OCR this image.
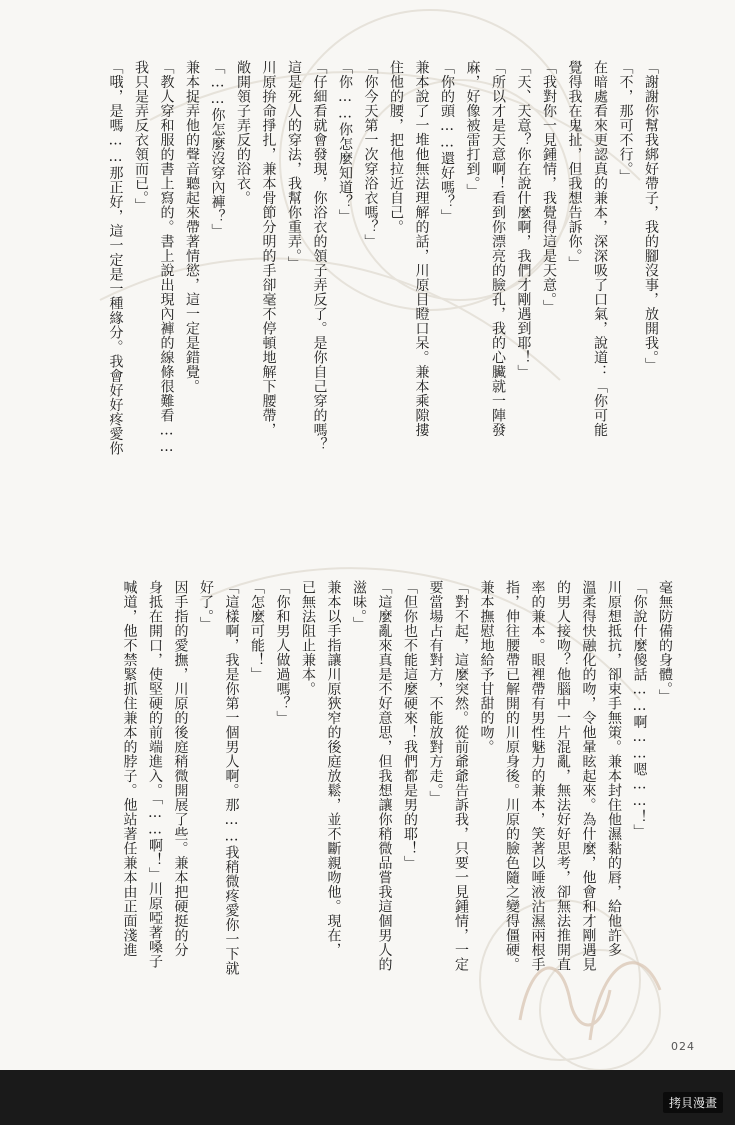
「謝謝你幫我綁好帶子，我的腳沒事，放開我。」
「不，那可不行。」
在暗處看來更認真的兼本，深深吸了口氣，說道：「你可能
覺得我在鬼扯，但我想告訴你。」
「我對你一見鍾情，我覺得這是天意。」
「天、天意？你在說什麼啊，我們才剛遇到耶！」
「所以才是天意啊！看到你漂亮的臉孔，我的心臟就一陣發
麻，好像被雷打到。」
「你的頭……還好嗎？」
兼本說了一堆他無法理解的話，川原目瞪口呆。兼本乘隙摟
住他的腰，把他拉近自己。
「你今天第一次穿浴衣嗎？」
「你……你怎麼知道？」
「仔細看就會發現，你浴衣的領子弄反了。是你自己穿的嗎？
這是死人的穿法，我幫你重弄。」
川原拚命掙扎，兼本骨節分明的手卻毫不停頓地解下腰帶，
敞開領子弄反的浴衣。
「……你怎麼沒穿內褲？」
兼本捉弄他的聲音聽起來帶著情慾，這一定是錯覺。
「教人穿和服的書上寫的。書上說出現內褲的線條很難看……
我只是弄反衣領而已。」
「哦，是嗎……那正好，這一定是一種緣分。我會好好疼愛你
毫無防備的身體。」
「你說什麼傻話……啊……嗯……！」
川原想抵抗，卻束手無策。兼本封住他濕黏的唇，給他許多
溫柔得快融化的吻，令他暈眩起來。為什麼，他會和才剛遇見
的男人接吻？他腦中一片混亂，無法好好思考，卻無法推開直
率的兼本。眼裡帶有男性魅力的兼本，笑著以唾液沾濕兩根手
指，伸往腰帶已解開的川原身後。川原的臉色隨之變得僵硬。
兼本撫慰地給予甘甜的吻。
「對不起，這麼突然。從前爺爺告訴我，只要一見鍾情，一定
要當場占有對方，不能放對方走。」
「但你也不能這麼硬來！我們都是男的耶！」
「這麼亂來真是不好意思，但我想讓你稍微品嘗我這個男人的
滋味。」
兼本以手指讓川原狹窄的後庭放鬆，並不斷親吻他。現在，
已無法阻止兼本。
「你和男人做過嗎？」
「怎麼可能！」
「這樣啊，我是你第一個男人啊。那……我稍微疼愛你一下就
好了。」
因手指的愛撫，川原的後庭稍微開展了些。兼本把硬挺的分
身抵在開口，使堅硬的前端進入。「……啊！」川原啞著嗓子
喊道，他不禁緊抓住兼本的脖子。他站著任兼本由正面淺進
024
拷貝漫畫
